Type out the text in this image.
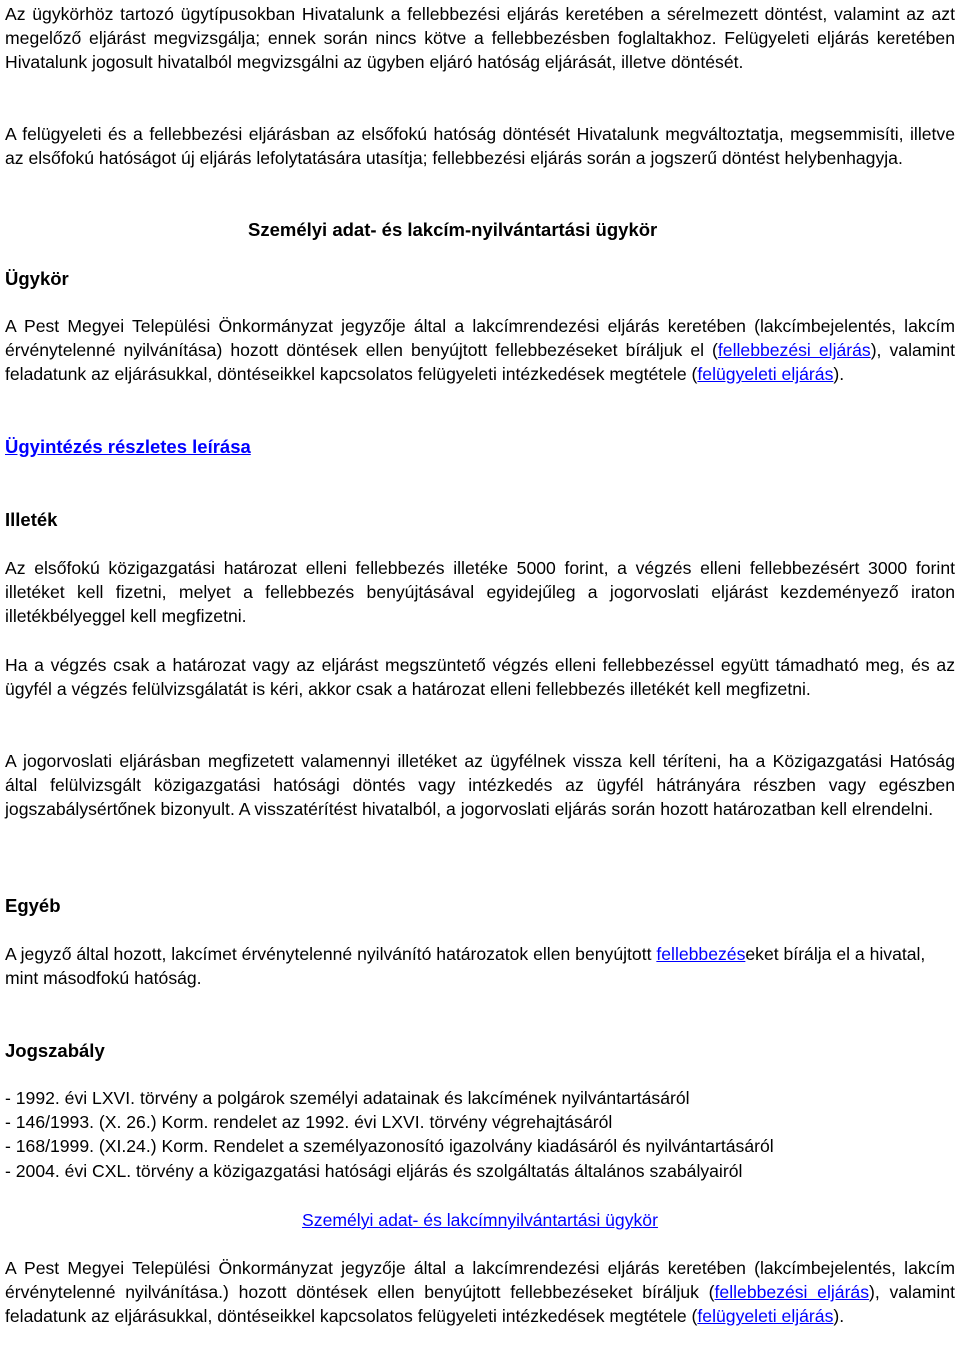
Az ügykörhöz tartozó ügytípusokban Hivatalunk a fellebbezési eljárás keretében a sérelmezett döntést, valamint az azt megelőző eljárást megvizsgálja; ennek során nincs kötve a fellebbezésben foglaltakhoz. Felügyeleti eljárás keretében Hivatalunk jogosult hivatalból megvizsgálni az ügyben eljáró hatóság eljárását, illetve döntését.

A felügyeleti és a fellebbezési eljárásban az elsőfokú hatóság döntését Hivatalunk megváltoztatja, megsemmisíti, illetve az elsőfokú hatóságot új eljárás lefolytatására utasítja; fellebbezési eljárás során a jogszerű döntést helybenhagyja.

Személyi adat- és lakcím-nyilvántartási ügykör

Ügykör

A Pest Megyei Települési Önkormányzat jegyzője által a lakcímrendezési eljárás keretében (lakcímbejelentés, lakcím érvénytelenné nyilvánítása) hozott döntések ellen benyújtott fellebbezéseket bíráljuk el (fellebbezési eljárás), valamint feladatunk az eljárásukkal, döntéseikkel kapcsolatos felügyeleti intézkedések megtétele (felügyeleti eljárás).

Ügyintézés részletes leírása

Illeték

Az elsőfokú közigazgatási határozat elleni fellebbezés illetéke 5000 forint, a végzés elleni fellebbezésért 3000 forint illetéket kell fizetni, melyet a fellebbezés benyújtásával egyidejűleg a jogorvoslati eljárást kezdeményező iraton illetékbélyeggel kell megfizetni.

Ha a végzés csak a határozat vagy az eljárást megszüntető végzés elleni fellebbezéssel együtt támadható meg, és az ügyfél a végzés felülvizsgálatát is kéri, akkor csak a határozat elleni fellebbezés illetékét kell megfizetni.

A jogorvoslati eljárásban megfizetett valamennyi illetéket az ügyfélnek vissza kell téríteni, ha a Közigazgatási Hatóság által felülvizsgált közigazgatási hatósági döntés vagy intézkedés az ügyfél hátrányára részben vagy egészben jogszabálysértőnek bizonyult. A visszatérítést hivatalból, a jogorvoslati eljárás során hozott határozatban kell elrendelni.

Egyéb

A jegyző által hozott, lakcímet érvénytelenné nyilvánító határozatok ellen benyújtott fellebbezéseket bírálja el a hivatal, mint másodfokú hatóság.

Jogszabály

- 1992. évi LXVI. törvény a polgárok személyi adatainak és lakcímének nyilvántartásáról
- 146/1993. (X. 26.) Korm. rendelet az 1992. évi LXVI. törvény végrehajtásáról
- 168/1999. (XI.24.) Korm. Rendelet a személyazonosító igazolvány kiadásáról és nyilvántartásáról
- 2004. évi CXL. törvény a közigazgatási hatósági eljárás és szolgáltatás általános szabályairól

Személyi adat- és lakcímnyilvántartási ügykör

A Pest Megyei Települési Önkormányzat jegyzője által a lakcímrendezési eljárás keretében (lakcímbejelentés, lakcím érvénytelenné nyilvánítása.) hozott döntések ellen benyújtott fellebbezéseket bíráljuk (fellebbezési eljárás), valamint feladatunk az eljárásukkal, döntéseikkel kapcsolatos felügyeleti intézkedések megtétele (felügyeleti eljárás).
